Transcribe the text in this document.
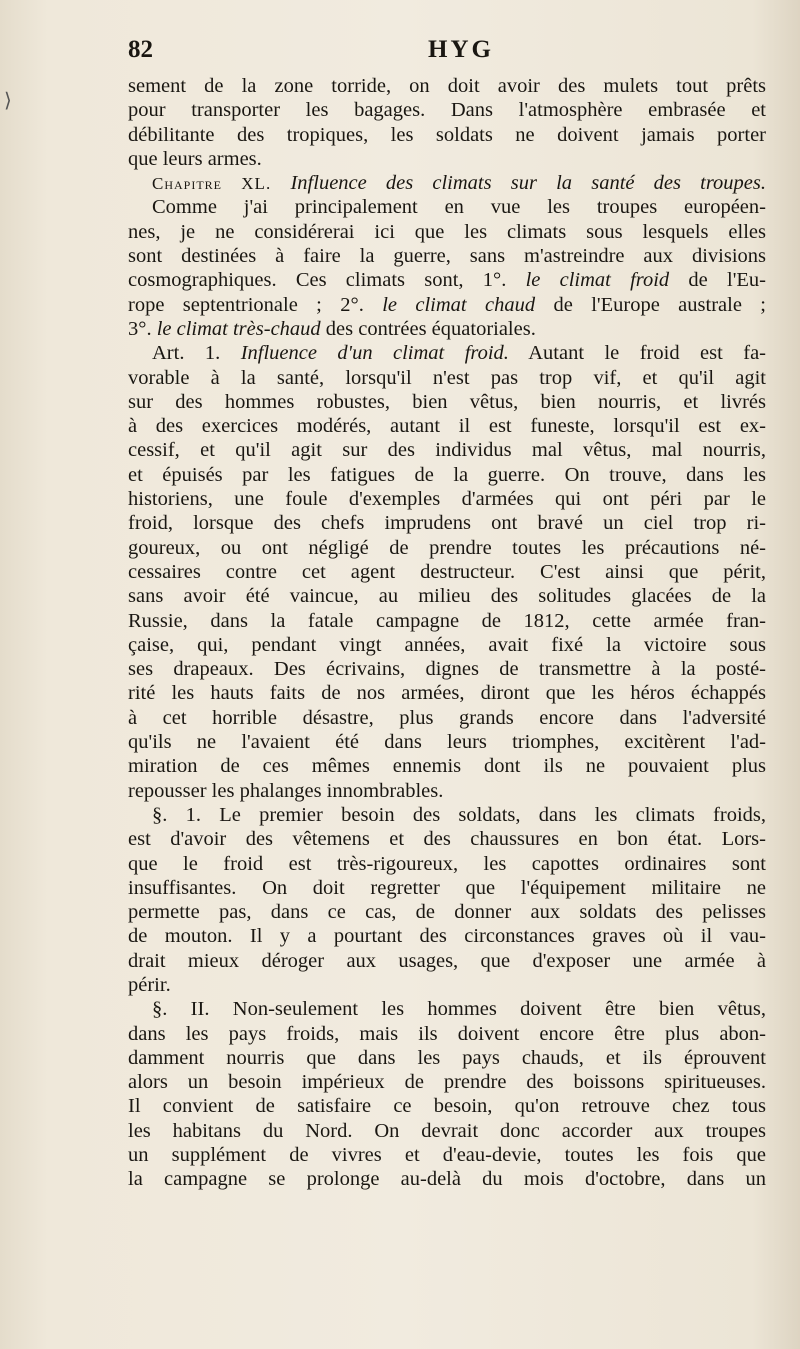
⟩
82	HYG
sement de la zone torride, on doit avoir des mulets tout prêts
pour transporter les bagages. Dans l'atmosphère embrasée et
débilitante des tropiques, les soldats ne doivent jamais porter
que leurs armes.
Chapitre XL. Influence des climats sur la santé des troupes.
Comme j'ai principalement en vue les troupes européen-
nes, je ne considérerai ici que les climats sous lesquels elles
sont destinées à faire la guerre, sans m'astreindre aux divisions
cosmographiques. Ces climats sont, 1°. le climat froid de l'Eu-
rope septentrionale ; 2°. le climat chaud de l'Europe australe ;
3°. le climat très-chaud des contrées équatoriales.
Art. 1. Influence d'un climat froid. Autant le froid est fa-
vorable à la santé, lorsqu'il n'est pas trop vif, et qu'il agit
sur des hommes robustes, bien vêtus, bien nourris, et livrés
à des exercices modérés, autant il est funeste, lorsqu'il est ex-
cessif, et qu'il agit sur des individus mal vêtus, mal nourris,
et épuisés par les fatigues de la guerre. On trouve, dans les
historiens, une foule d'exemples d'armées qui ont péri par le
froid, lorsque des chefs imprudens ont bravé un ciel trop ri-
goureux, ou ont négligé de prendre toutes les précautions né-
cessaires contre cet agent destructeur. C'est ainsi que périt,
sans avoir été vaincue, au milieu des solitudes glacées de la
Russie, dans la fatale campagne de 1812, cette armée fran-
çaise, qui, pendant vingt années, avait fixé la victoire sous
ses drapeaux. Des écrivains, dignes de transmettre à la posté-
rité les hauts faits de nos armées, diront que les héros échappés
à cet horrible désastre, plus grands encore dans l'adversité
qu'ils ne l'avaient été dans leurs triomphes, excitèrent l'ad-
miration de ces mêmes ennemis dont ils ne pouvaient plus
repousser les phalanges innombrables.
§. 1. Le premier besoin des soldats, dans les climats froids,
est d'avoir des vêtemens et des chaussures en bon état. Lors-
que le froid est très-rigoureux, les capottes ordinaires sont
insuffisantes. On doit regretter que l'équipement militaire ne
permette pas, dans ce cas, de donner aux soldats des pelisses
de mouton. Il y a pourtant des circonstances graves où il vau-
drait mieux déroger aux usages, que d'exposer une armée à
périr.
§. II. Non-seulement les hommes doivent être bien vêtus,
dans les pays froids, mais ils doivent encore être plus abon-
damment nourris que dans les pays chauds, et ils éprouvent
alors un besoin impérieux de prendre des boissons spiritueuses.
Il convient de satisfaire ce besoin, qu'on retrouve chez tous
les habitans du Nord. On devrait donc accorder aux troupes
un supplément de vivres et d'eau-devie, toutes les fois que
la campagne se prolonge au-delà du mois d'octobre, dans un
